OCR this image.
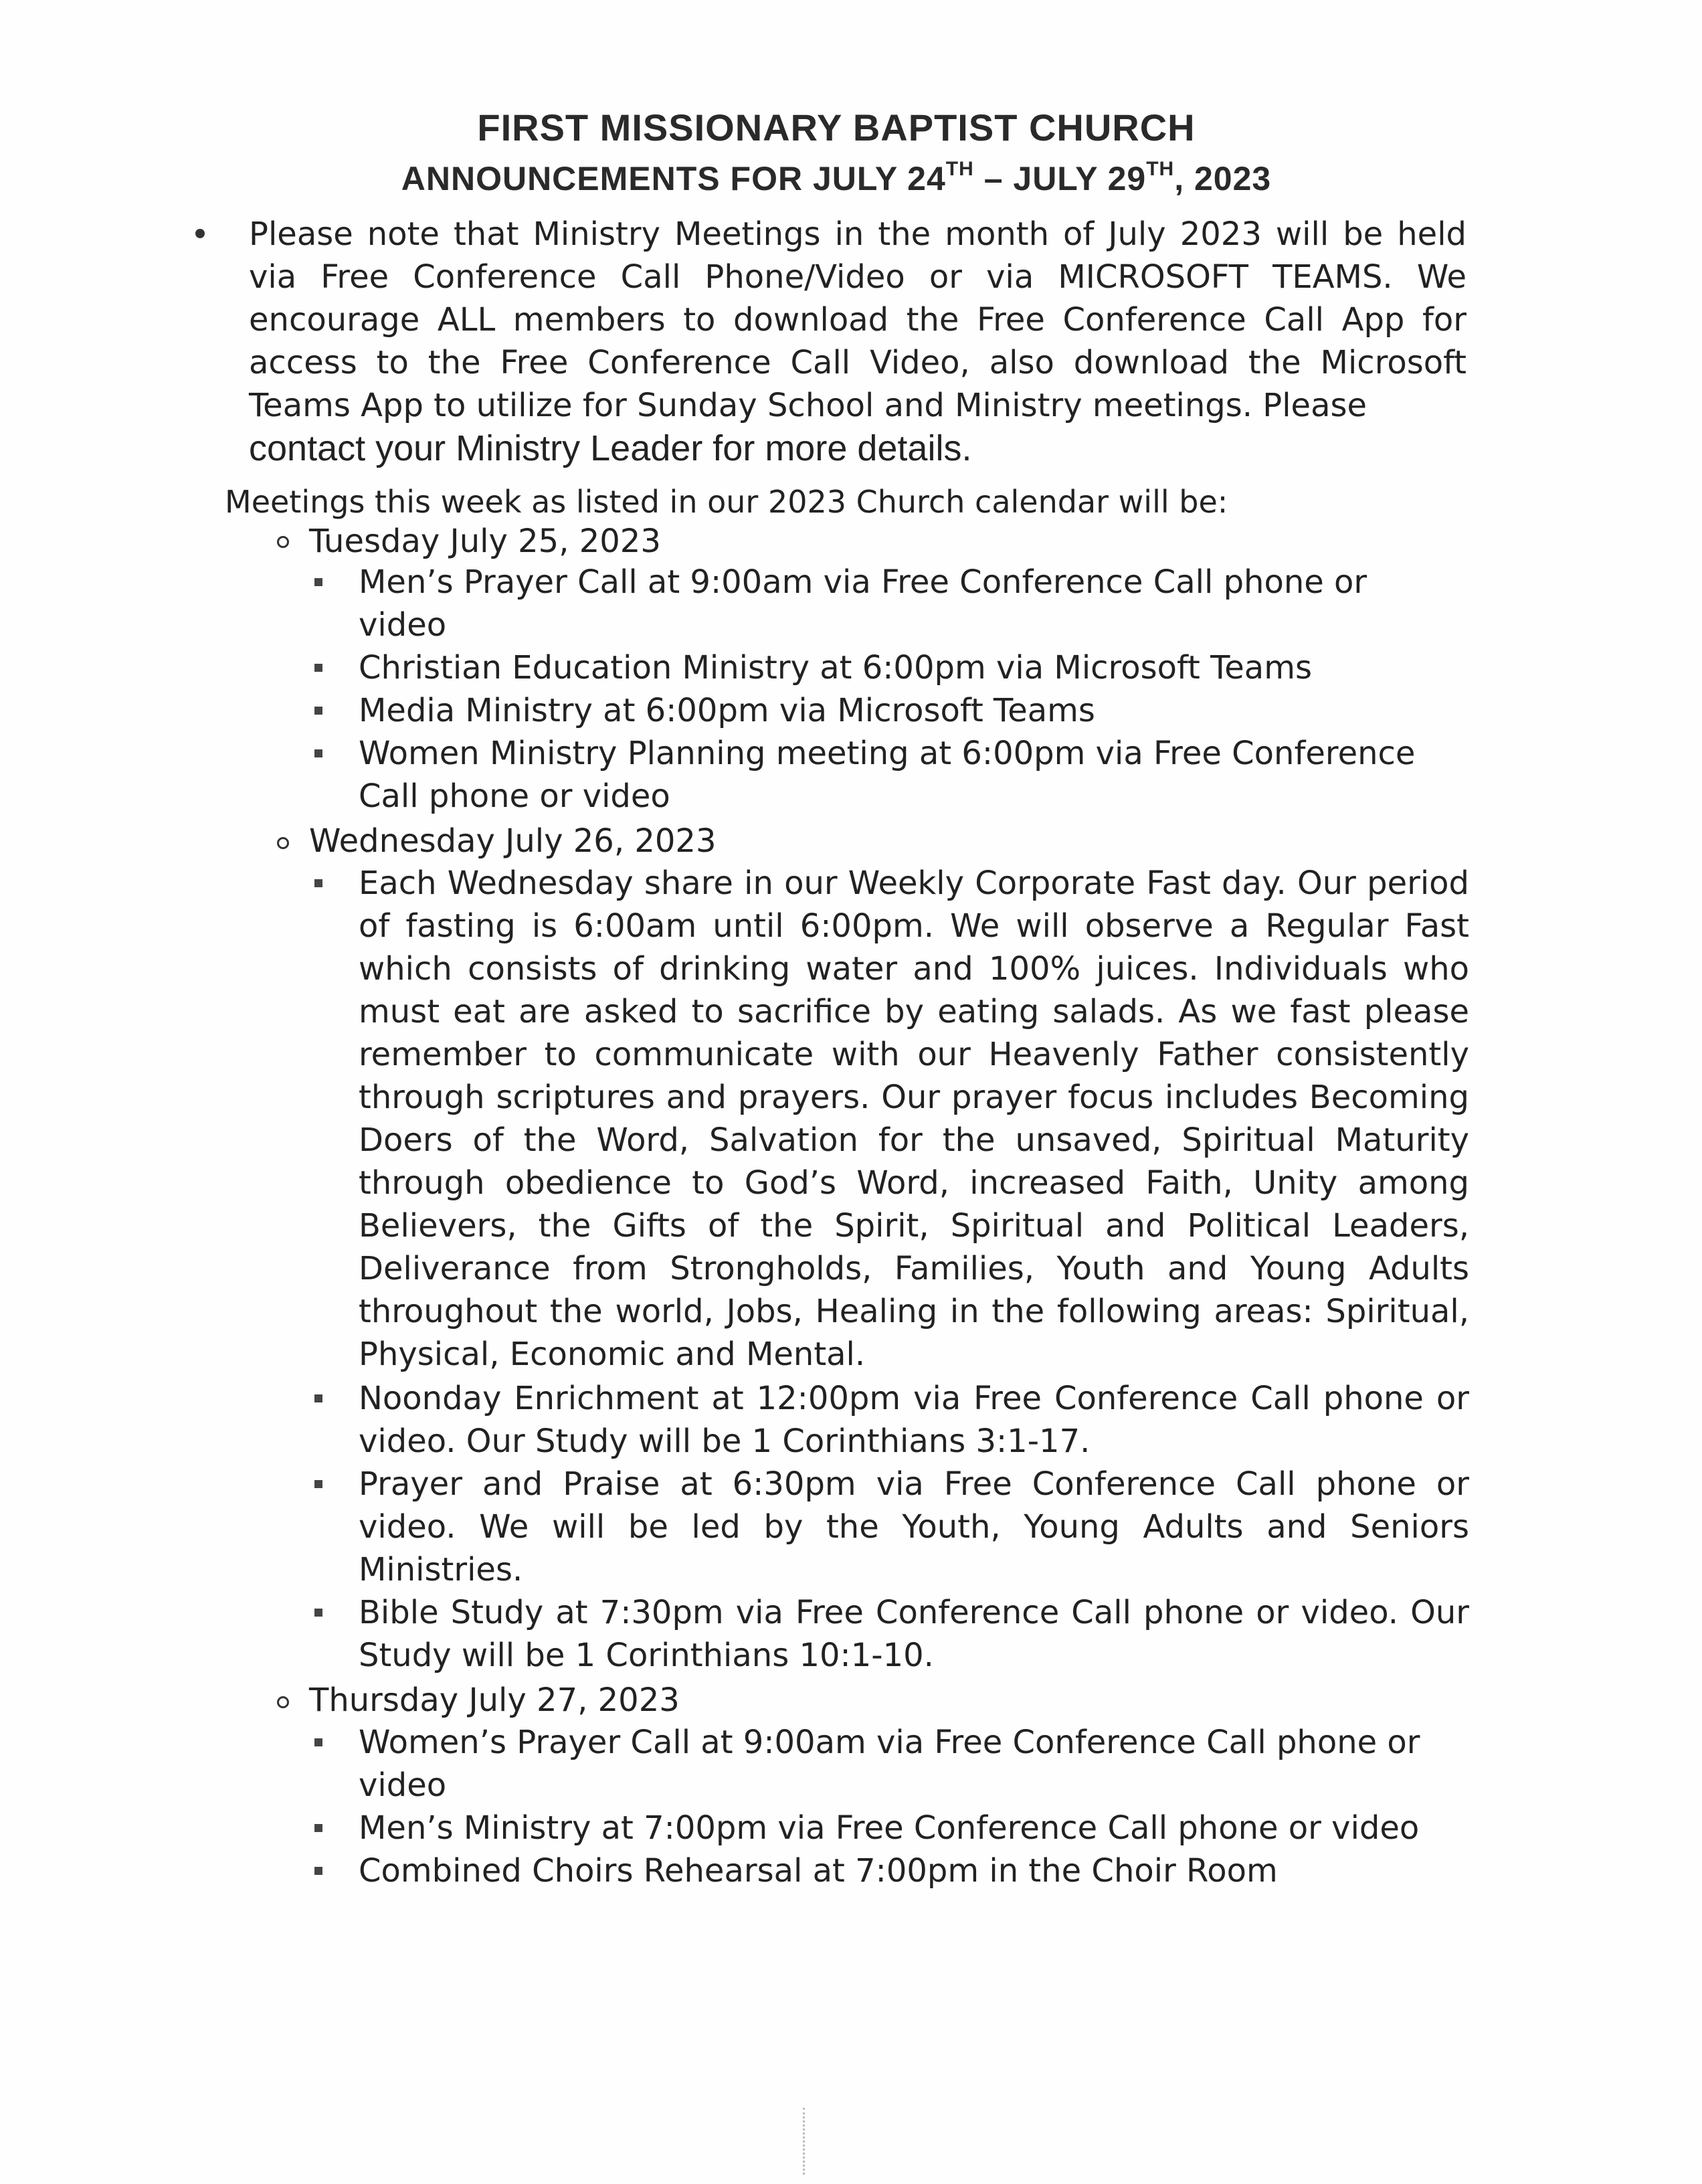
FIRST MISSIONARY BAPTIST CHURCH
ANNOUNCEMENTS FOR JULY 24TH – JULY 29TH, 2023

Please note that Ministry Meetings in the month of July 2023 will be held via Free Conference Call Phone/Video or via MICROSOFT TEAMS. We encourage ALL members to download the Free Conference Call App for access to the Free Conference Call Video, also download the Microsoft Teams App to utilize for Sunday School and Ministry meetings. Please
contact your Ministry Leader for more details.

Meetings this week as listed in our 2023 Church calendar will be:

Tuesday July 25, 2023

Men’s Prayer Call at 9:00am via Free Conference Call phone or video

Christian Education Ministry at 6:00pm via Microsoft Teams

Media Ministry at 6:00pm via Microsoft Teams

Women Ministry Planning meeting at 6:00pm via Free Conference Call phone or video

Wednesday July 26, 2023

Each Wednesday share in our Weekly Corporate Fast day. Our period of fasting is 6:00am until 6:00pm. We will observe a Regular Fast which consists of drinking water and 100% juices. Individuals who must eat are asked to sacrifice by eating salads. As we fast please remember to communicate with our Heavenly Father consistently through scriptures and prayers. Our prayer focus includes Becoming Doers of the Word, Salvation for the unsaved, Spiritual Maturity through obedience to God’s Word, increased Faith, Unity among Believers, the Gifts of the Spirit, Spiritual and Political Leaders, Deliverance from Strongholds, Families, Youth and Young Adults throughout the world, Jobs, Healing in the following areas: Spiritual, Physical, Economic and Mental.

Noonday Enrichment at 12:00pm via Free Conference Call phone or video. Our Study will be 1 Corinthians 3:1-17.

Prayer and Praise at 6:30pm via Free Conference Call phone or video. We will be led by the Youth, Young Adults and Seniors Ministries.

Bible Study at 7:30pm via Free Conference Call phone or video. Our Study will be 1 Corinthians 10:1-10.

Thursday July 27, 2023

Women’s Prayer Call at 9:00am via Free Conference Call phone or video

Men’s Ministry at 7:00pm via Free Conference Call phone or video

Combined Choirs Rehearsal at 7:00pm in the Choir Room
